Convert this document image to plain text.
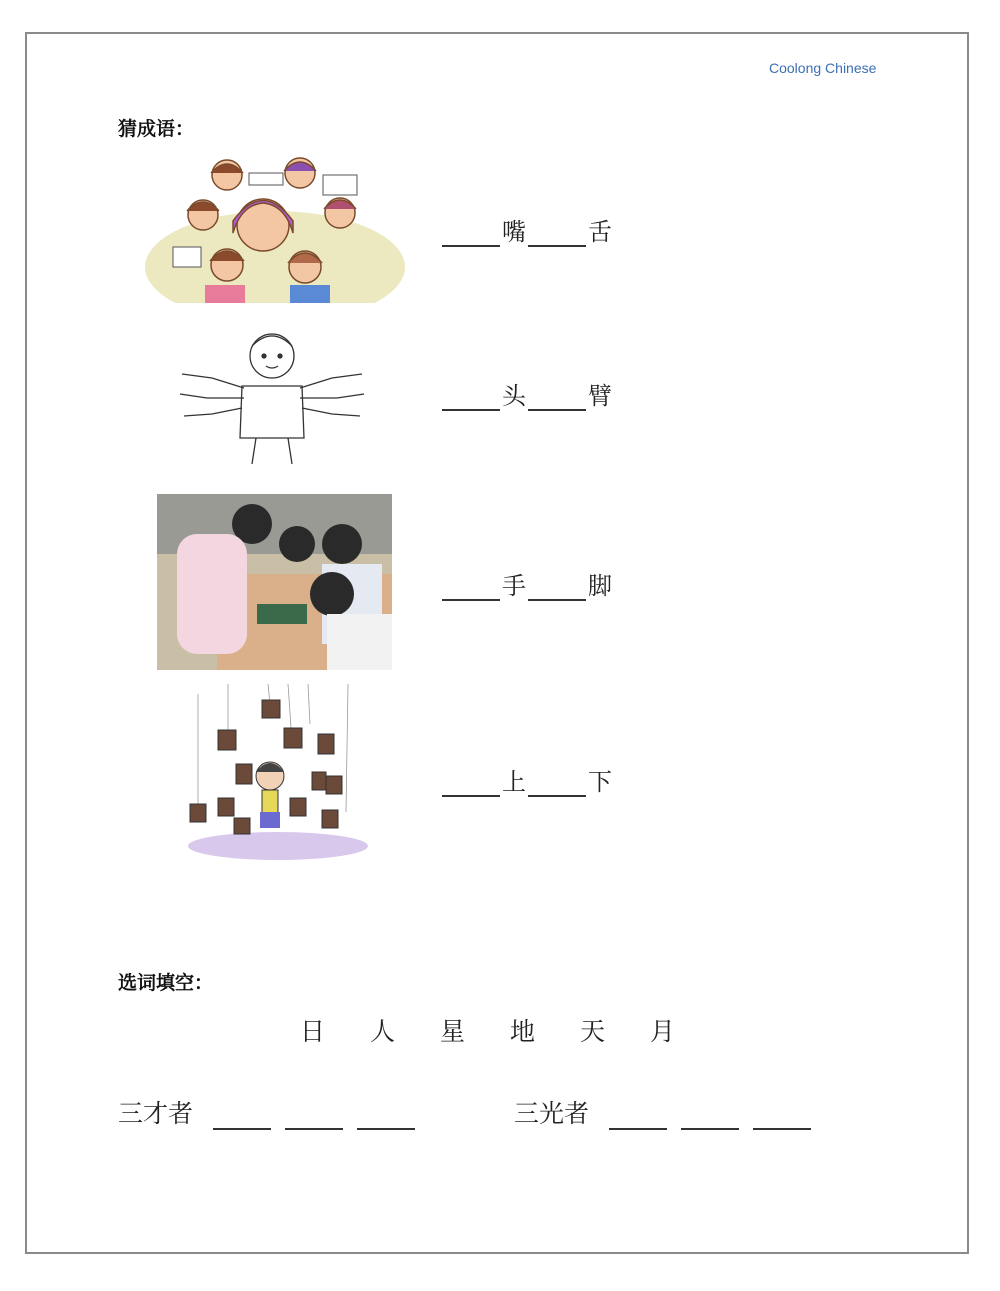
Coolong Chinese
猜成语：
嘴	舌
头	臂
手	脚
上	下
选词填空：
日	人	星	地	天	月
三才者	三光者
